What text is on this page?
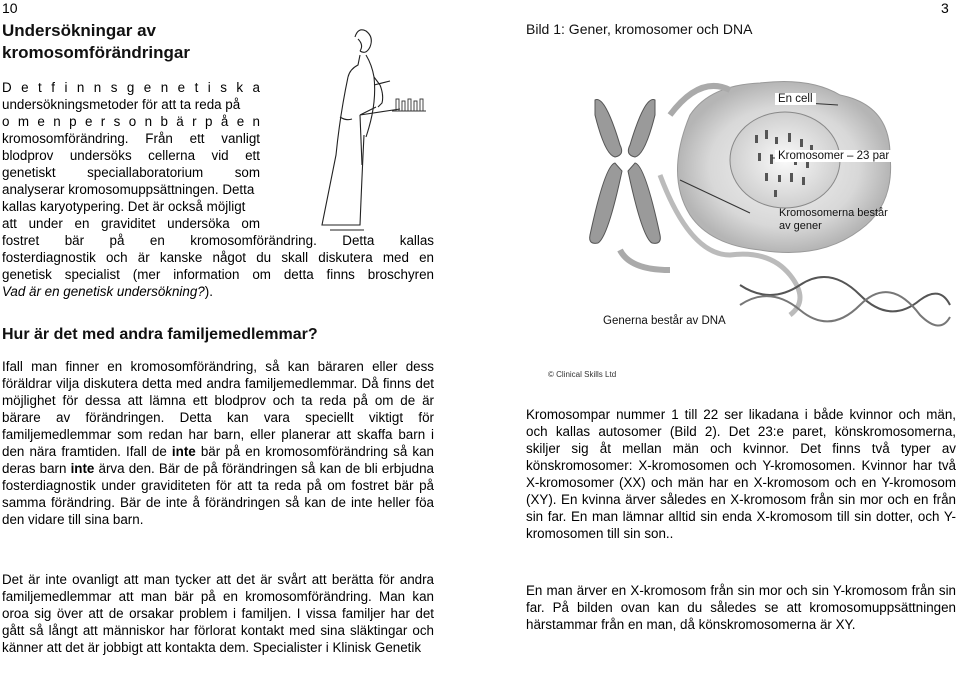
10	3
Undersökningar av
kromosomförändringar
D e t f i n n s g e n e t i s k a
undersökningsmetoder för att ta reda på
o m e n p e r s o n b ä r p å e n
kromosomförändring. Från ett vanligt
blodprov undersöks cellerna vid ett
genetiskt speciallaboratorium som
analyserar kromosomuppsättningen. Detta
kallas karyotypering. Det är också möjligt
att under en graviditet undersöka om
fostret bär på en kromosomförändring. Detta kallas
fosterdiagnostik och är kanske något du skall diskutera med en
genetisk specialist (mer information om detta finns broschyren
Vad är en genetisk undersökning?).
Hur är det med andra familjemedlemmar?

Ifall man finner en kromosomförändring, så kan bäraren eller dess föräldrar vilja diskutera detta med andra familjemedlemmar. Då finns det möjlighet för dessa att lämna ett blodprov och ta reda på om de är bärare av förändringen. Detta kan vara speciellt viktigt för familjemedlemmar som redan har barn, eller planerar att skaffa barn i den nära framtiden. Ifall de inte bär på en kromosomförändring så kan deras barn inte ärva den. Bär de på förändringen så kan de bli erbjudna fosterdiagnostik under graviditeten för att ta reda på om fostret bär på samma förändring. Bär de inte å förändringen så kan de inte heller föa den vidare till sina barn.

Det är inte ovanligt att man tycker att det är svårt att berätta för andra familjemedlemmar att man bär på en kromosomförändring. Man kan oroa sig över att de orsakar problem i familjen. I vissa familjer har det gått så långt att människor har förlorat kontakt med sina släktingar och känner att det är jobbigt att kontakta dem. Specialister i Klinisk Genetik

Bild 1: Gener, kromosomer och DNA
En cell
Kromosomer – 23 par
Kromosomerna består
av gener
Generna består av DNA
© Clinical Skills Ltd

Kromosompar nummer 1 till 22 ser likadana i både kvinnor och män, och kallas autosomer (Bild 2). Det 23:e paret, könskromosomerna, skiljer sig åt mellan män och kvinnor. Det finns två typer av könskromosomer: X-kromosomen och Y-kromosomen. Kvinnor har två X-kromosomer (XX) och män har en X-kromosom och en Y-kromosom (XY). En kvinna ärver således en X-kromosom från sin mor och en från sin far. En man lämnar alltid sin enda X-kromosom till sin dotter, och Y-kromosomen till sin son..

En man ärver en X-kromosom från sin mor och sin Y-kromosom från sin far. På bilden ovan kan du således se att kromosomuppsättningen härstammar från en man, då könskromosomerna är XY.
